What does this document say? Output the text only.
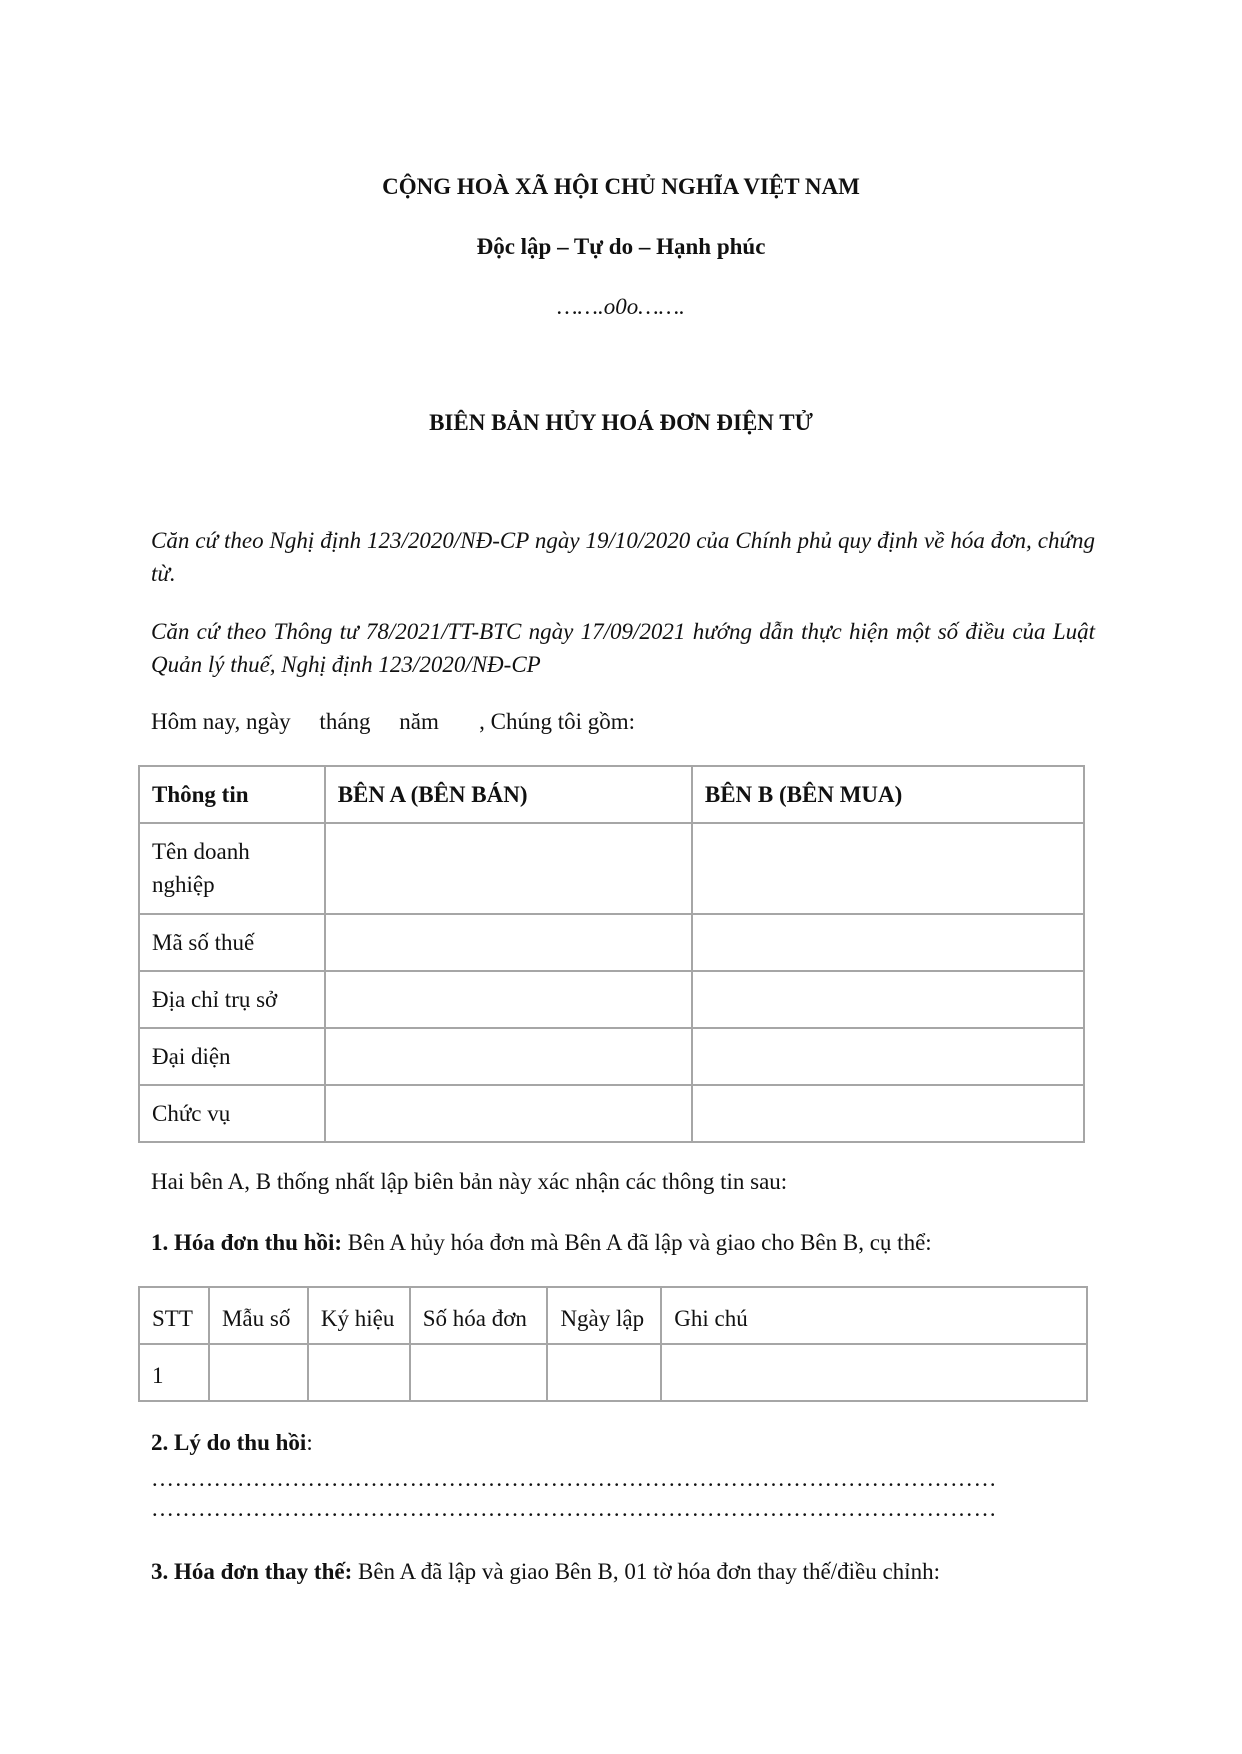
CỘNG HOÀ XÃ HỘI CHỦ NGHĨA VIỆT NAM
Độc lập – Tự do – Hạnh phúc
…….o0o…….
BIÊN BẢN HỦY HOÁ ĐƠN ĐIỆN TỬ
Căn cứ theo Nghị định 123/2020/NĐ-CP ngày 19/10/2020 của Chính phủ quy định về hóa đơn, chứng từ.
Căn cứ theo Thông tư 78/2021/TT-BTC ngày 17/09/2021 hướng dẫn thực hiện một số điều của Luật Quản lý thuế, Nghị định 123/2020/NĐ-CP
Hôm nay, ngày     tháng     năm       , Chúng tôi gồm:
Thông tin	BÊN A (BÊN BÁN)	BÊN B (BÊN MUA)
Tên doanh nghiệp		
Mã số thuế		
Địa chỉ trụ sở		
Đại diện		
Chức vụ		
Hai bên A, B thống nhất lập biên bản này xác nhận các thông tin sau:
1. Hóa đơn thu hồi: Bên A hủy hóa đơn mà Bên A đã lập và giao cho Bên B, cụ thể:
STT	Mẫu số	Ký hiệu	Số hóa đơn	Ngày lập	Ghi chú
1					
2. Lý do thu hồi:
………………………………………………………………………………………………
………………………………………………………………………………………………
3. Hóa đơn thay thế: Bên A đã lập và giao Bên B, 01 tờ hóa đơn thay thế/điều chỉnh:
